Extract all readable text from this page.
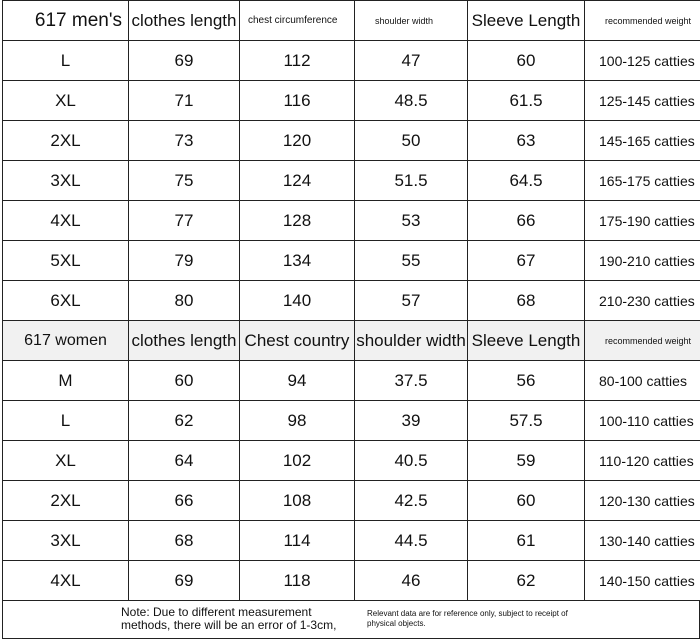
617 men's	clothes length	chest circumference	shoulder width	Sleeve Length	recommended weight
L	69	112	47	60	100-125 catties
XL	71	116	48.5	61.5	125-145 catties
2XL	73	120	50	63	145-165 catties
3XL	75	124	51.5	64.5	165-175 catties
4XL	77	128	53	66	175-190 catties
5XL	79	134	55	67	190-210 catties
6XL	80	140	57	68	210-230 catties
617 women	clothes length	Chest country	shoulder width	Sleeve Length	recommended weight
M	60	94	37.5	56	80-100 catties
L	62	98	39	57.5	100-110 catties
XL	64	102	40.5	59	110-120 catties
2XL	66	108	42.5	60	120-130 catties
3XL	68	114	44.5	61	130-140 catties
4XL	69	118	46	62	140-150 catties
Note: Due to different measurement methods, there will be an error of 1-3cm,
Relevant data are for reference only, subject to receipt of physical objects.
